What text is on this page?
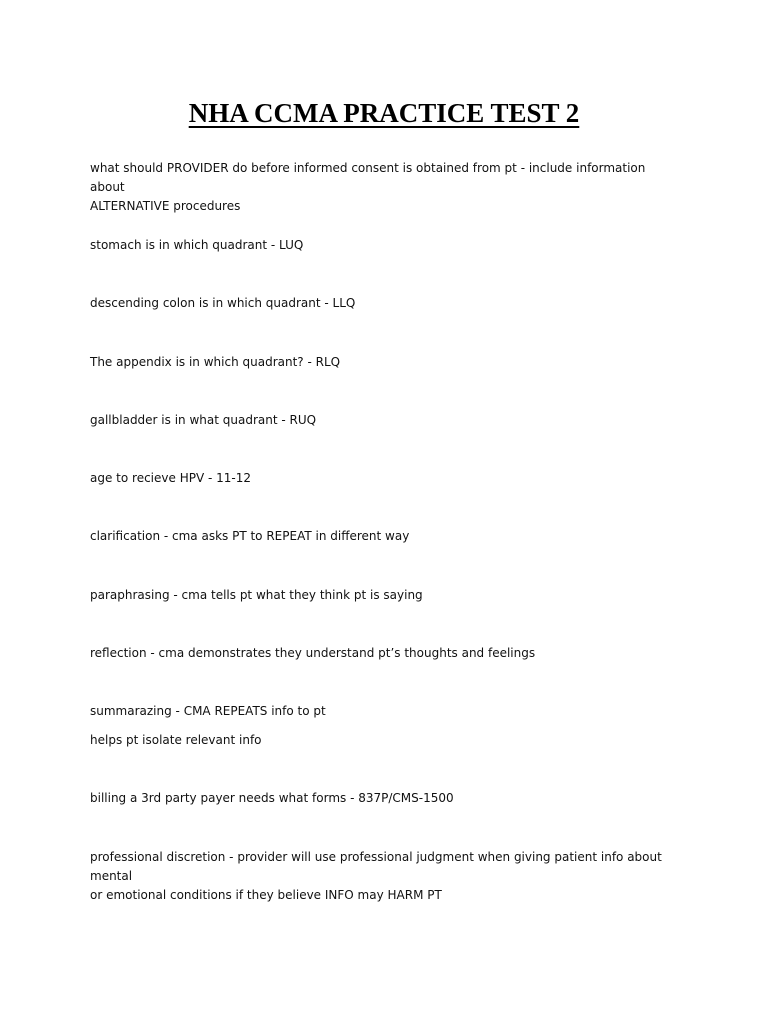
NHA CCMA PRACTICE TEST 2

what should PROVIDER do before informed consent is obtained from pt - include information about
ALTERNATIVE procedures

stomach is in which quadrant - LUQ

descending colon is in which quadrant - LLQ

The appendix is in which quadrant? - RLQ

gallbladder is in what quadrant - RUQ

age to recieve HPV - 11-12

clarification - cma asks PT to REPEAT in different way

paraphrasing - cma tells pt what they think pt is saying

reflection - cma demonstrates they understand pt’s thoughts and feelings

summarazing - CMA REPEATS info to pt

helps pt isolate relevant info

billing a 3rd party payer needs what forms - 837P/CMS-1500

professional discretion - provider will use professional judgment when giving patient info about mental
or emotional conditions if they believe INFO may HARM PT
